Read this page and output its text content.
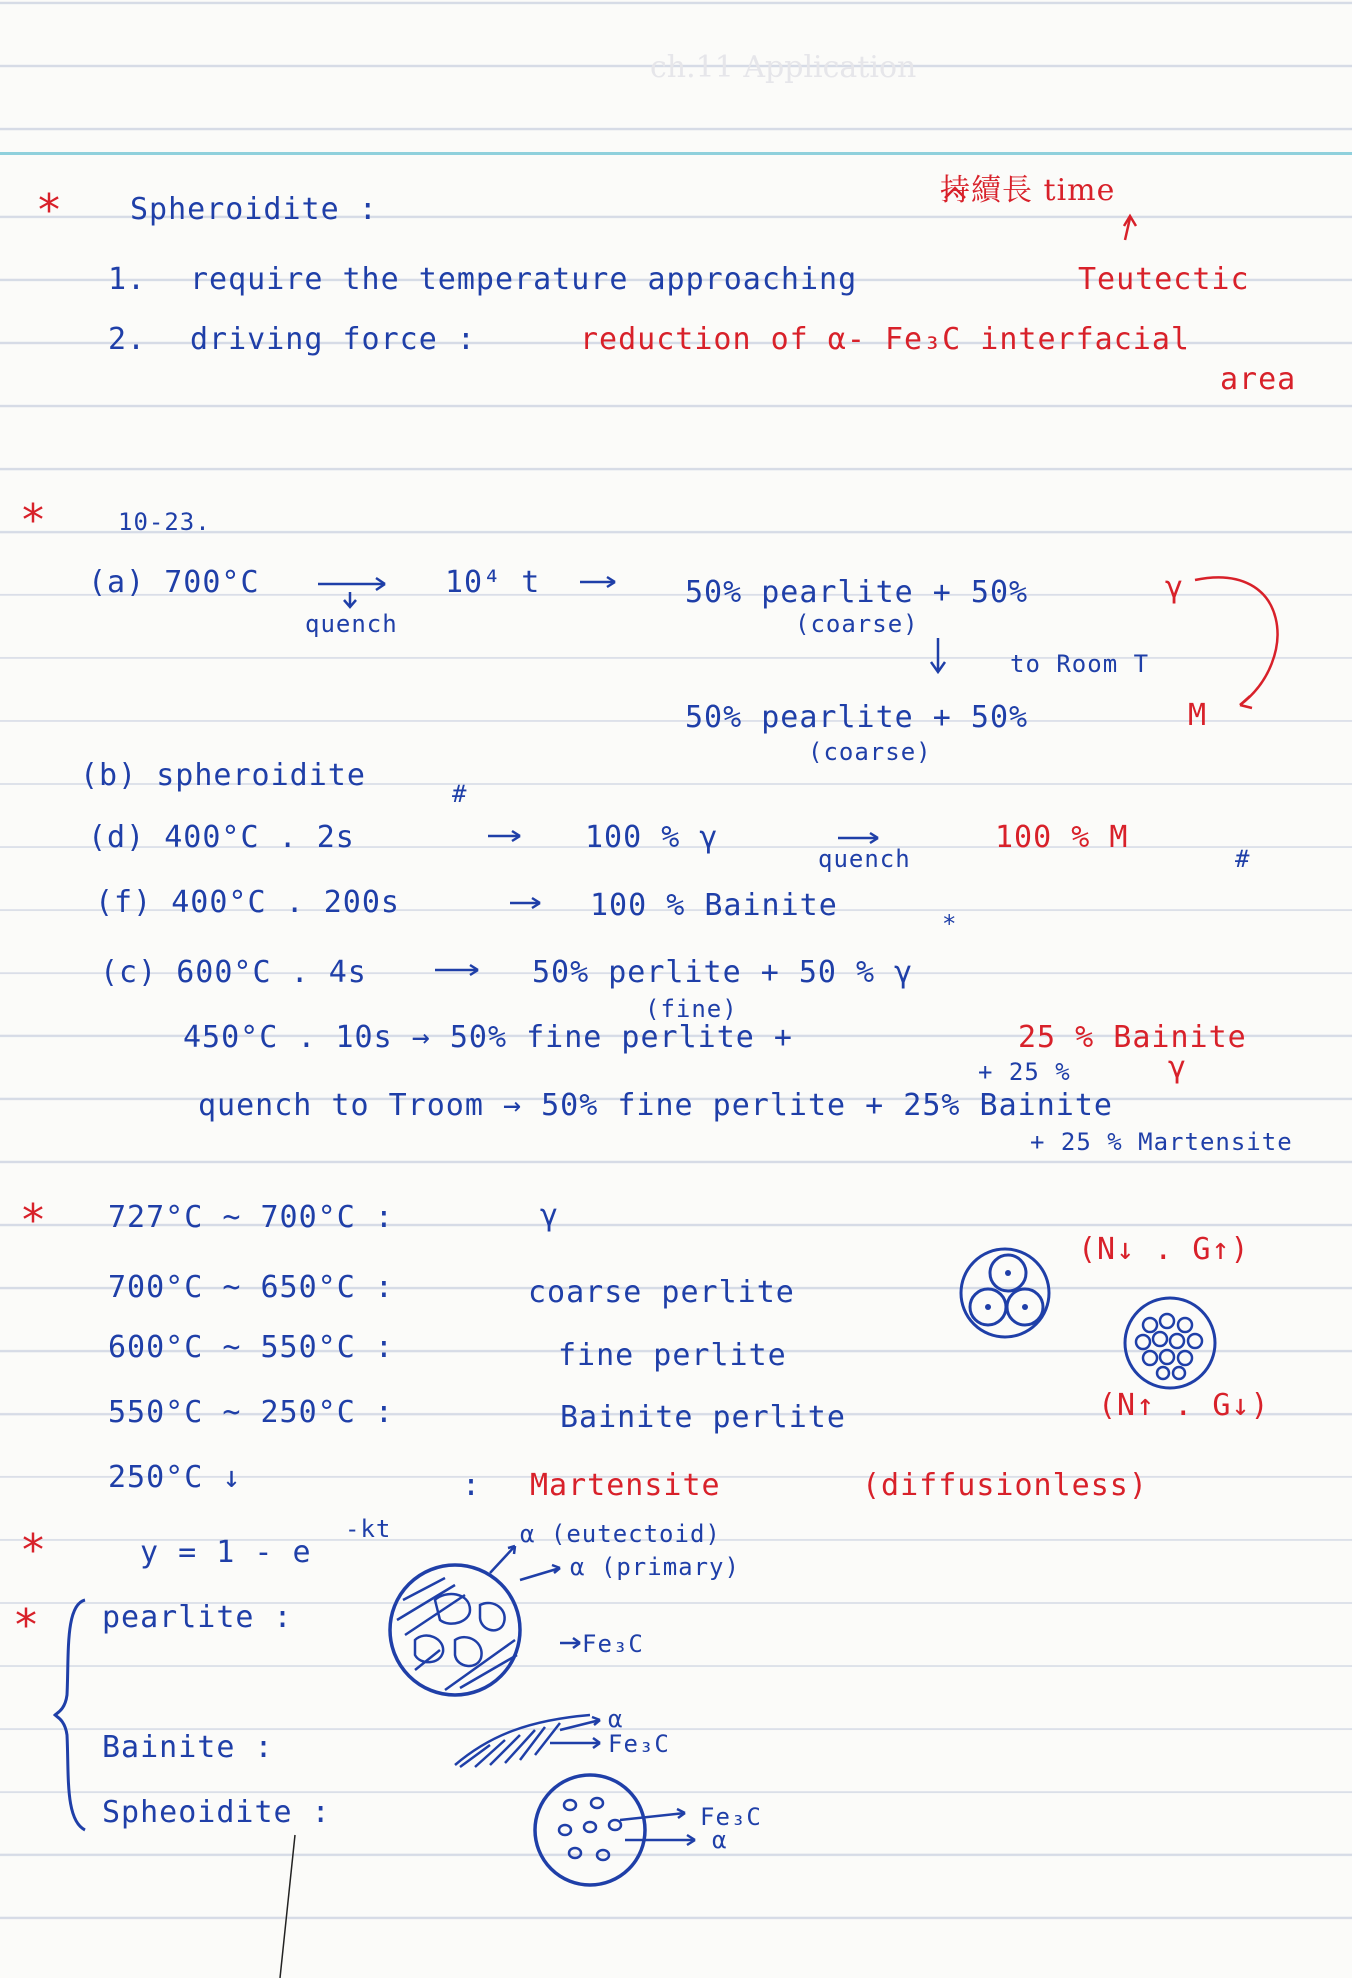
ch.11 Application
* Spheroidite :
持續長 time
1. require the temperature approaching	Teutectic
2. driving force :	reduction of α- Fe₃C interfacial
area
*	10-23.
(a) 700°C
quench
10⁴ t	50% pearlite + 50%	γ
(coarse)
to Room T
50% pearlite + 50%	M
(coarse)
(b) spheroidite
#
(d) 400°C . 2s	100 % γ
quench
100 % M
#
(f) 400°C . 200s	100 % Bainite
*
(c) 600°C . 4s	50% perlite + 50 % γ
(fine)
450°C . 10s → 50% fine perlite +	25 % Bainite
+ 25 %	γ
quench to Troom → 50% fine perlite + 25% Bainite
+ 25 % Martensite
* 727°C ~ 700°C :	γ
700°C ~ 650°C :	coarse perlite
600°C ~ 550°C :	fine perlite
550°C ~ 250°C :	Bainite perlite
250°C ↓	: Martensite	(diffusionless)
(N↓ . G↑)
(N↑ . G↓)
*	y = 1 - e
-kt
* pearlite :
Bainite :
Spheoidite :
α (eutectoid)
α (primary)
Fe₃C
α
Fe₃C
Fe₃C
α
